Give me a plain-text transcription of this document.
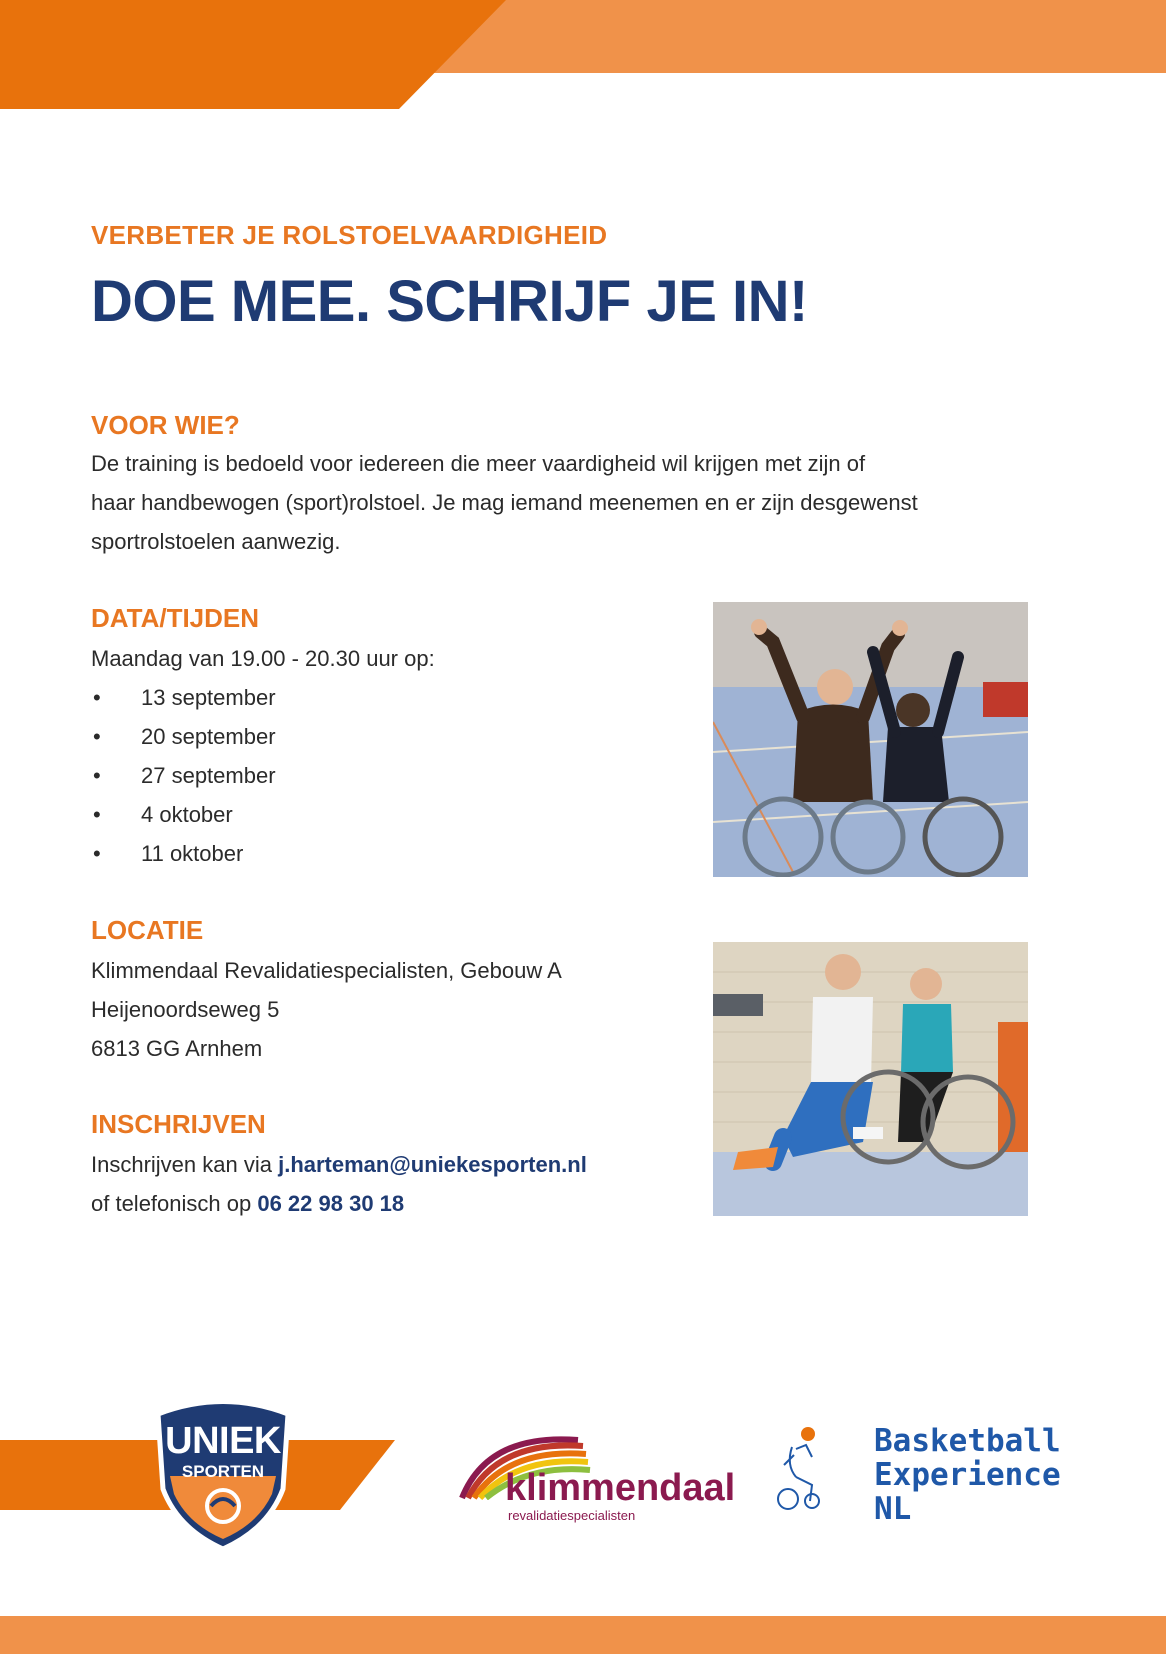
VERBETER JE ROLSTOELVAARDIGHEID
DOE MEE. SCHRIJF JE IN!
VOOR WIE?
De training is bedoeld voor iedereen die meer vaardigheid wil krijgen met zijn of
haar handbewogen (sport)rolstoel. Je mag iemand meenemen en er zijn desgewenst
sportrolstoelen aanwezig.
DATA/TIJDEN
Maandag van 19.00 - 20.30 uur op:
• 13 september
• 20 september
• 27 september
• 4 oktober
• 11 oktober
LOCATIE
Klimmendaal Revalidatiespecialisten, Gebouw A
Heijenoordseweg 5
6813 GG Arnhem
INSCHRIJVEN
Inschrijven kan via j.harteman@uniekesporten.nl
of telefonisch op 06 22 98 30 18
UNIEK
SPORTEN	klimmendaal
revalidatiespecialisten
Basketball
Experience
NL
